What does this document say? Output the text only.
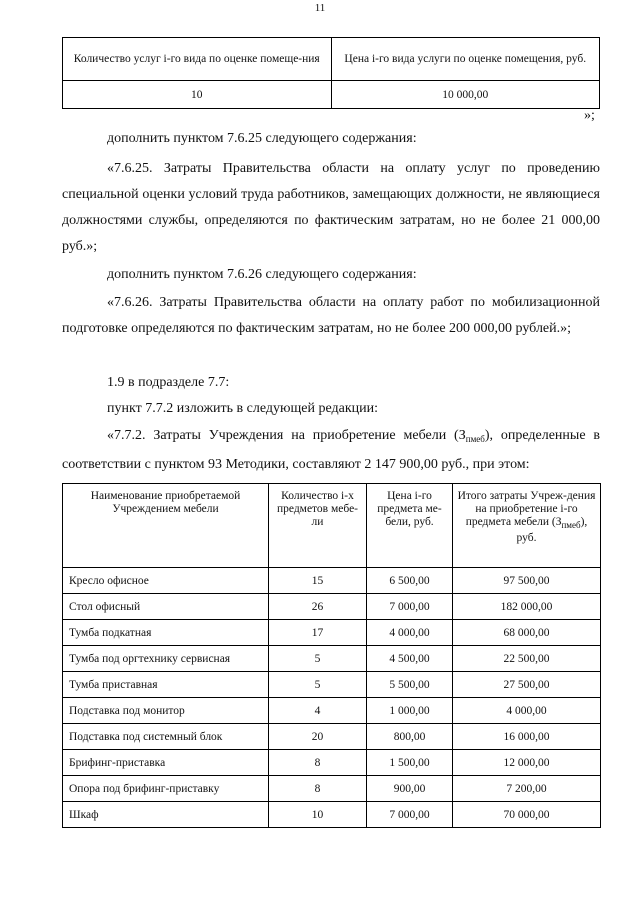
11
Количество услуг i-го вида по оценке помеще-ния	Цена i-го вида услуги по оценке помещения, руб.
10	10 000,00
»;

дополнить пунктом 7.6.25 следующего содержания:

«7.6.25. Затраты Правительства области на оплату услуг по проведению специальной оценки условий труда работников, замещающих должности, не являющиеся должностями службы, определяются по фактическим затратам, но не более 21 000,00 руб.»;

дополнить пунктом 7.6.26 следующего содержания:

«7.6.26. Затраты Правительства области на оплату работ по мобилизационной подготовке определяются по фактическим затратам, но не более 200 000,00 рублей.»;

1.9 в подразделе 7.7:

пункт 7.7.2 изложить в следующей редакции:

«7.7.2. Затраты Учреждения на приобретение мебели $(З_{пмеб})$, определенные в соответствии с пунктом 93 Методики, составляют 2 147 900,00 руб., при этом:

Наименование приобретаемой Учреждением мебели	Количество i-х предметов мебе-ли	Цена i-го предмета ме-бели, руб.	Итого затраты Учреж-дения на приобретение i-го предмета мебели $(З_{пмеб})$, руб.
Кресло офисное	15	6 500,00	97 500,00
Стол офисный	26	7 000,00	182 000,00
Тумба подкатная	17	4 000,00	68 000,00
Тумба под оргтехнику сервисная	5	4 500,00	22 500,00
Тумба приставная	5	5 500,00	27 500,00
Подставка под монитор	4	1 000,00	4 000,00
Подставка под системный блок	20	800,00	16 000,00
Брифинг-приставка	8	1 500,00	12 000,00
Опора под брифинг-приставку	8	900,00	7 200,00
Шкаф	10	7 000,00	70 000,00
